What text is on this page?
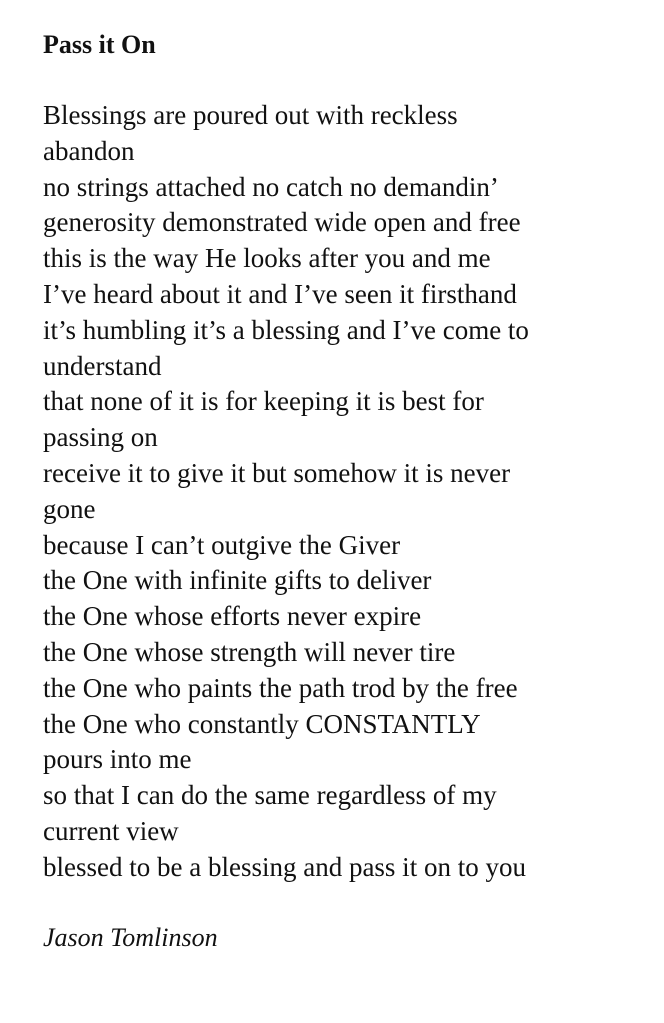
Pass it On
Blessings are poured out with reckless
abandon
no strings attached no catch no demandin’
generosity demonstrated wide open and free
this is the way He looks after you and me
I’ve heard about it and I’ve seen it firsthand
it’s humbling it’s a blessing and I’ve come to
understand
that none of it is for keeping it is best for
passing on
receive it to give it but somehow it is never
gone
because I can’t outgive the Giver
the One with infinite gifts to deliver
the One whose efforts never expire
the One whose strength will never tire
the One who paints the path trod by the free
the One who constantly CONSTANTLY
pours into me
so that I can do the same regardless of my
current view
blessed to be a blessing and pass it on to you

Jason Tomlinson
